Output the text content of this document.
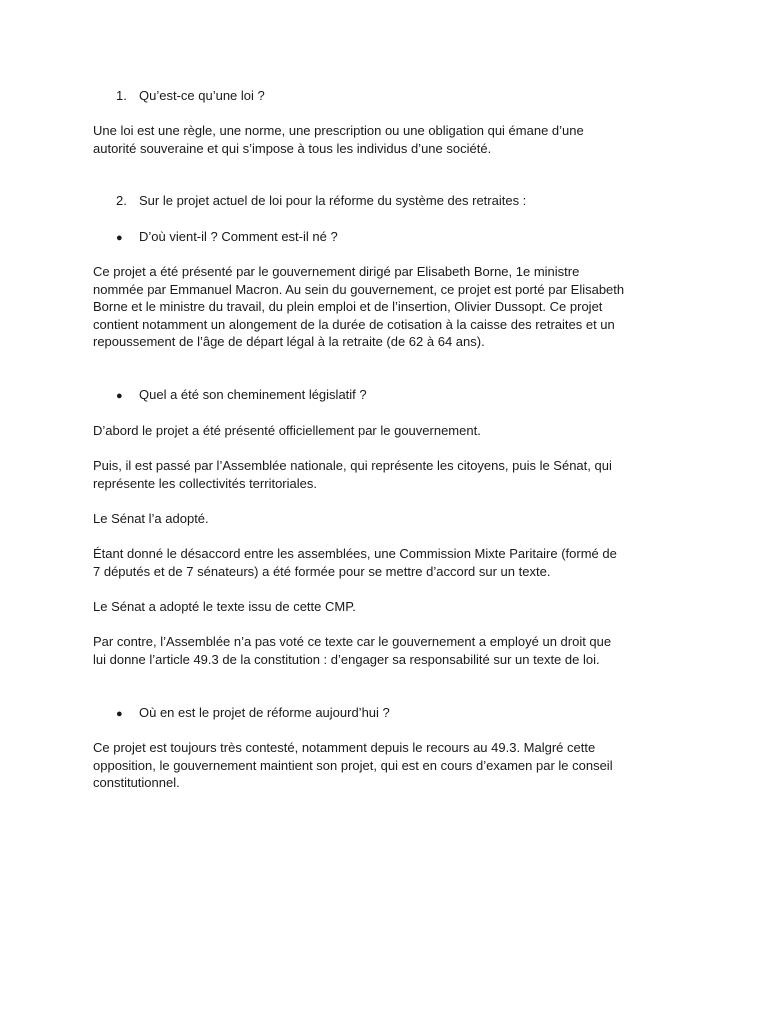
1. Qu’est-ce qu’une loi ?
Une loi est une règle, une norme, une prescription ou une obligation qui émane d’une
autorité souveraine et qui s’impose à tous les individus d’une société.
2. Sur le projet actuel de loi pour la réforme du système des retraites :
● D’où vient-il ? Comment est-il né ?
Ce projet a été présenté par le gouvernement dirigé par Elisabeth Borne, 1e ministre
nommée par Emmanuel Macron. Au sein du gouvernement, ce projet est porté par Elisabeth
Borne et le ministre du travail, du plein emploi et de l’insertion, Olivier Dussopt. Ce projet
contient notamment un alongement de la durée de cotisation à la caisse des retraites et un
repoussement de l’âge de départ légal à la retraite (de 62 à 64 ans).
● Quel a été son cheminement législatif ?
D’abord le projet a été présenté officiellement par le gouvernement.
Puis, il est passé par l’Assemblée nationale, qui représente les citoyens, puis le Sénat, qui
représente les collectivités territoriales.
Le Sénat l’a adopté.
Étant donné le désaccord entre les assemblées, une Commission Mixte Paritaire (formé de
7 députés et de 7 sénateurs) a été formée pour se mettre d’accord sur un texte.
Le Sénat a adopté le texte issu de cette CMP.
Par contre, l’Assemblée n’a pas voté ce texte car le gouvernement a employé un droit que
lui donne l’article 49.3 de la constitution : d’engager sa responsabilité sur un texte de loi.
● Où en est le projet de réforme aujourd’hui ?
Ce projet est toujours très contesté, notamment depuis le recours au 49.3. Malgré cette
opposition, le gouvernement maintient son projet, qui est en cours d’examen par le conseil
constitutionnel.
